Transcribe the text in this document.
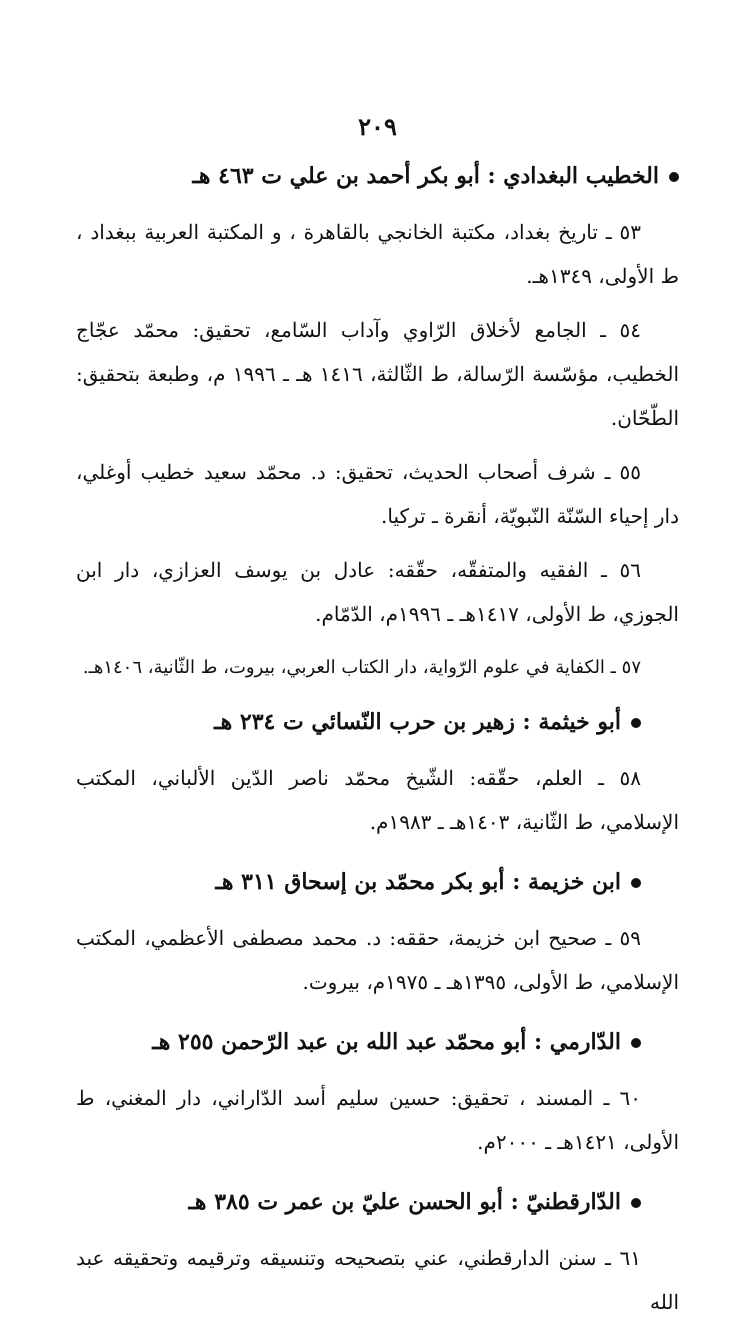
٢٠٩
الخطيب البغدادي : أبو بكر أحمد بن علي ت ٤٦٣ هـ

٥٣ ـ تاريخ بغداد، مكتبة الخانجي بالقاهرة ، و المكتبة العربية ببغداد ، ط الأولى، ١٣٤٩هـ.

٥٤ ـ الجامع لأخلاق الرّاوي وآداب السّامع، تحقيق: محمّد عجّاج الخطيب، مؤسّسة الرّسالة، ط الثّالثة، ١٤١٦ هـ ـ ١٩٩٦ م، وطبعة بتحقيق: الطّحّان.

٥٥ ـ شرف أصحاب الحديث، تحقيق: د. محمّد سعيد خطيب أوغلي، دار إحياء السّنّة النّبويّة، أنقرة ـ تركيا.

٥٦ ـ الفقيه والمتفقّه، حقّقه: عادل بن يوسف العزازي، دار ابن الجوزي، ط الأولى، ١٤١٧هـ ـ ١٩٩٦م، الدّمّام.

٥٧ ـ الكفاية في علوم الرّواية، دار الكتاب العربي، بيروت، ط الثّانية، ١٤٠٦هـ.

أبو خيثمة : زهير بن حرب النّسائي ت ٢٣٤ هـ

٥٨ ـ العلم، حقّقه: الشّيخ محمّد ناصر الدّين الألباني، المكتب الإسلامي، ط الثّانية، ١٤٠٣هـ ـ ١٩٨٣م.

ابن خزيمة : أبو بكر محمّد بن إسحاق ٣١١ هـ

٥٩ ـ صحيح ابن خزيمة، حققه: د. محمد مصطفى الأعظمي، المكتب الإسلامي، ط الأولى، ١٣٩٥هـ ـ ١٩٧٥م، بيروت.

الدّارمي : أبو محمّد عبد الله بن عبد الرّحمن ٢٥٥ هـ

٦٠ ـ المسند ، تحقيق: حسين سليم أسد الدّاراني، دار المغني، ط الأولى، ١٤٢١هـ ـ ٢٠٠٠م.

الدّارقطنيّ : أبو الحسن عليّ بن عمر ت ٣٨٥ هـ

٦١ ـ سنن الدارقطني، عني بتصحيحه وتنسيقه وترقيمه وتحقيقه عبد الله
